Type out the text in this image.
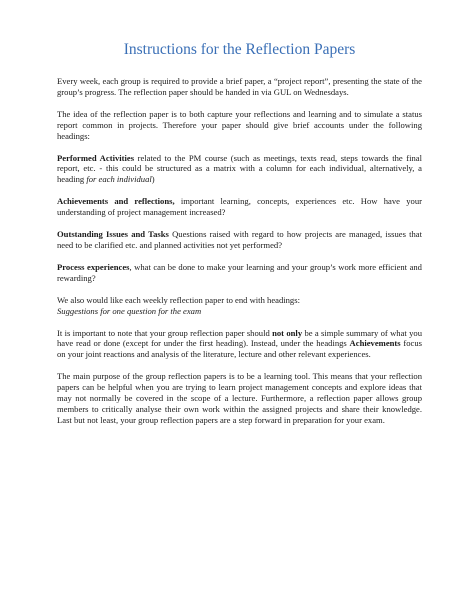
Instructions for the Reflection Papers

Every week, each group is required to provide a brief paper, a “project report”, presenting the state of the group’s progress. The reflection paper should be handed in via GUL on Wednesdays.

The idea of the reflection paper is to both capture your reflections and learning and to simulate a status report common in projects. Therefore your paper should give brief accounts under the following headings:

Performed Activities related to the PM course (such as meetings, texts read, steps towards the final report, etc. - this could be structured as a matrix with a column for each individual, alternatively, a heading for each individual)

Achievements and reflections, important learning, concepts, experiences etc. How have your understanding of project management increased?

Outstanding Issues and Tasks Questions raised with regard to how projects are managed, issues that need to be clarified etc. and planned activities not yet performed?

Process experiences, what can be done to make your learning and your group’s work more efficient and rewarding?

We also would like each weekly reflection paper to end with headings:
Suggestions for one question for the exam

It is important to note that your group reflection paper should not only be a simple summary of what you have read or done (except for under the first heading). Instead, under the headings Achievements focus on your joint reactions and analysis of the literature, lecture and other relevant experiences.

The main purpose of the group reflection papers is to be a learning tool. This means that your reflection papers can be helpful when you are trying to learn project management concepts and explore ideas that may not normally be covered in the scope of a lecture. Furthermore, a reflection paper allows group members to critically analyse their own work within the assigned projects and share their knowledge. Last but not least, your group reflection papers are a step forward in preparation for your exam.
